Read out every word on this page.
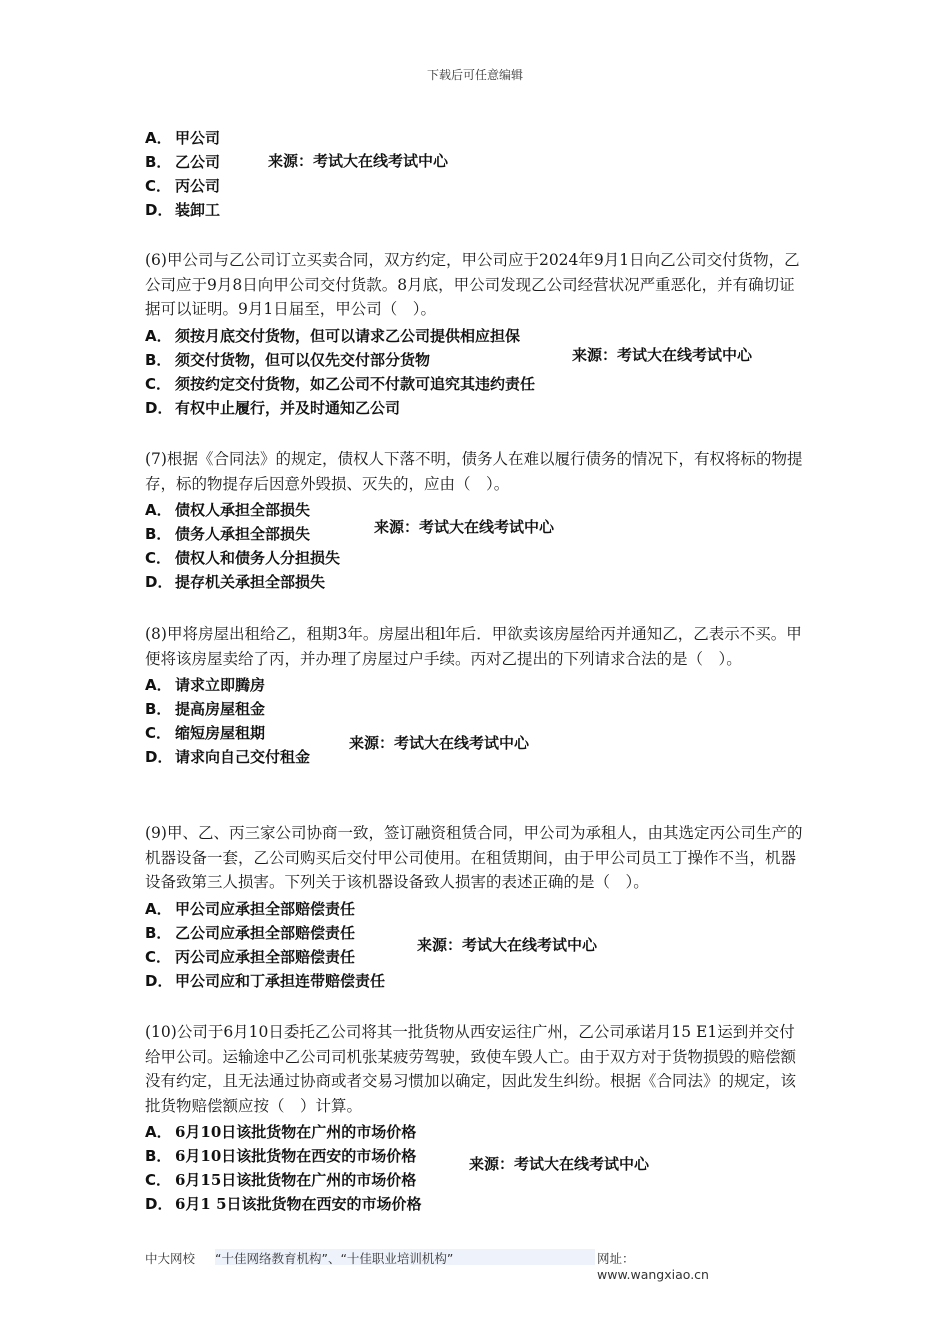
下载后可任意编辑
A． 甲公司
B． 乙公司
C． 丙公司
D． 装卸工
来源：考试大在线考试中心

(6)甲公司与乙公司订立买卖合同，双方约定，甲公司应于2024年9月1日向乙公司交付货物，乙公司应于9月8日向甲公司交付货款。8月底，甲公司发现乙公司经营状况严重恶化，并有确切证据可以证明。9月1日届至，甲公司（　）。

A． 须按月底交付货物，但可以请求乙公司提供相应担保
B． 须交付货物，但可以仅先交付部分货物
C． 须按约定交付货物，如乙公司不付款可追究其违约责任
D． 有权中止履行，并及时通知乙公司
来源：考试大在线考试中心

(7)根据《合同法》的规定，债权人下落不明，债务人在难以履行债务的情况下，有权将标的物提存，标的物提存后因意外毁损、灭失的，应由（　）。

A． 债权人承担全部损失
B． 债务人承担全部损失
C． 债权人和债务人分担损失
D． 提存机关承担全部损失
来源：考试大在线考试中心

(8)甲将房屋出租给乙，租期3年。房屋出租l年后．甲欲卖该房屋给丙并通知乙，乙表示不买。甲便将该房屋卖给了丙，并办理了房屋过户手续。丙对乙提出的下列请求合法的是（　）。

A． 请求立即腾房
B． 提高房屋租金
C． 缩短房屋租期
D． 请求向自己交付租金
来源：考试大在线考试中心

(9)甲、乙、丙三家公司协商一致，签订融资租赁合同，甲公司为承租人，由其选定丙公司生产的机器设备一套，乙公司购买后交付甲公司使用。在租赁期间，由于甲公司员工丁操作不当，机器设备致第三人损害。下列关于该机器设备致人损害的表述正确的是（　）。

A． 甲公司应承担全部赔偿责任
B． 乙公司应承担全部赔偿责任
C． 丙公司应承担全部赔偿责任
D． 甲公司应和丁承担连带赔偿责任
来源：考试大在线考试中心

(10)公司于6月10日委托乙公司将其一批货物从西安运往广州，乙公司承诺月15 E1运到并交付给甲公司。运输途中乙公司司机张某疲劳驾驶，致使车毁人亡。由于双方对于货物损毁的赔偿额没有约定，且无法通过协商或者交易习惯加以确定，因此发生纠纷。根据《合同法》的规定，该批货物赔偿额应按（　）计算。

A． 6月10日该批货物在广州的市场价格
B． 6月10日该批货物在西安的市场价格
C． 6月15日该批货物在广州的市场价格
D． 6月1 5日该批货物在西安的市场价格
来源：考试大在线考试中心
中大网校 “十佳网络教育机构”、“十佳职业培训机构”	网址：www.wangxiao.cn
